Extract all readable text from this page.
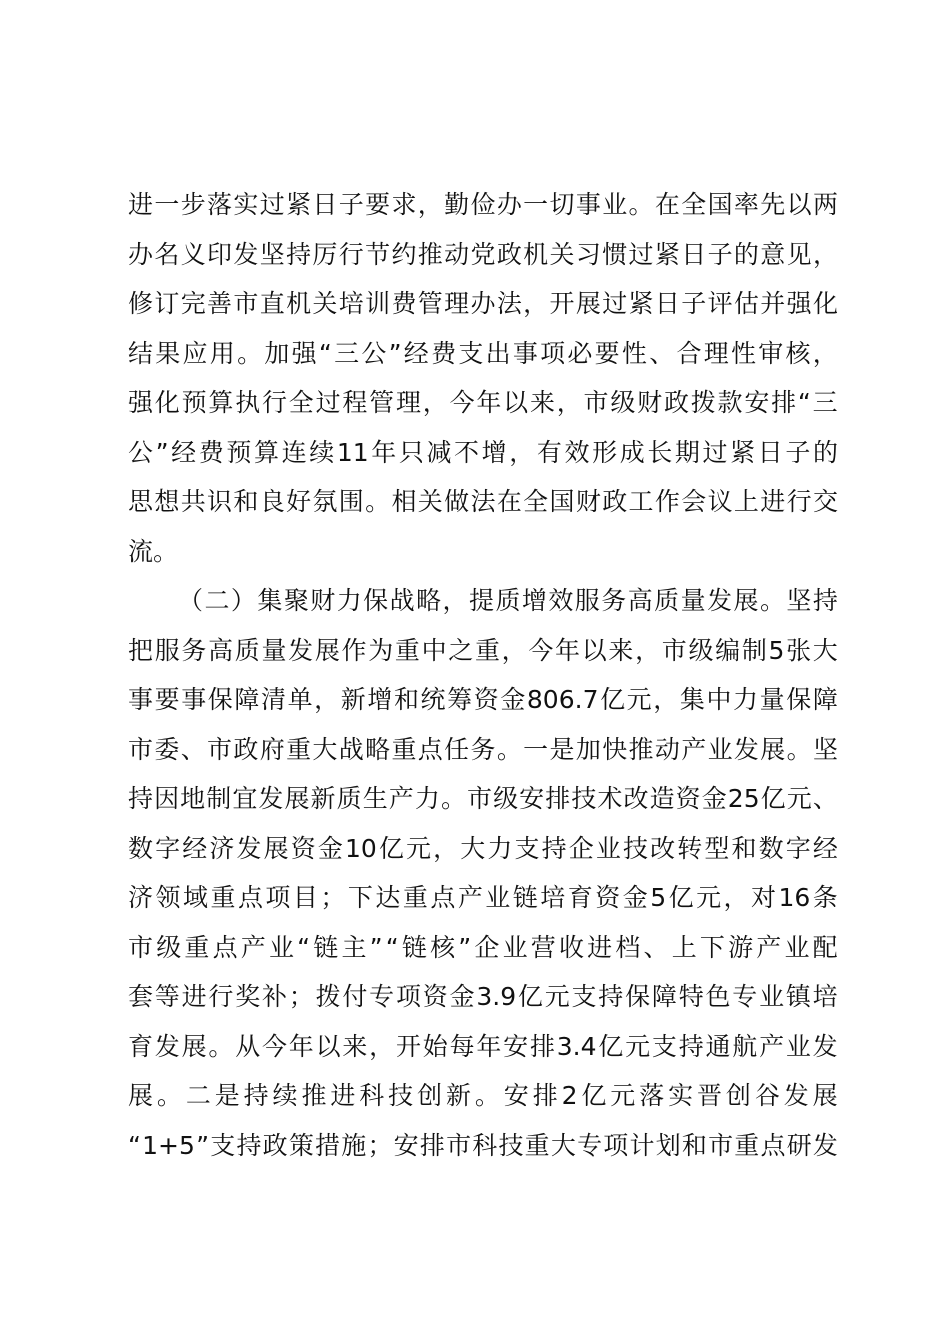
进 一 步 落 实 过 紧 日 子 要 求 ， 勤 俭 办 一 切 事 业 。 在 全 国 率 先 以 两
办 名 义 印 发 坚 持 厉 行 节 约 推 动 党 政 机 关 习 惯 过 紧 日 子 的 意 见 ，
修 订 完 善 市 直 机 关 培 训 费 管 理 办 法 ， 开 展 过 紧 日 子 评 估 并 强 化
结 果 应 用 。 加 强 “ 三 公 ” 经 费 支 出 事 项 必 要 性 、 合 理 性 审 核 ，
强 化 预 算 执 行 全 过 程 管 理 ， 今 年 以 来 ， 市 级 财 政 拨 款 安 排 “ 三
公 ” 经 费 预 算 连 续 11 年 只 减 不 增 ， 有 效 形 成 长 期 过 紧 日 子 的
思 想 共 识 和 良 好 氛 围 。 相 关 做 法 在 全 国 财 政 工 作 会 议 上 进 行 交
流 。
（ 二 ） 集 聚 财 力 保 战 略 ， 提 质 增 效 服 务 高 质 量 发 展 。 坚 持
把 服 务 高 质 量 发 展 作 为 重 中 之 重 ， 今 年 以 来 ， 市 级 编 制 5 张 大
事 要 事 保 障 清 单 ， 新 增 和 统 筹 资 金 806.7 亿 元 ， 集 中 力 量 保 障
市 委 、 市 政 府 重 大 战 略 重 点 任 务 。 一 是 加 快 推 动 产 业 发 展 。 坚
持 因 地 制 宜 发 展 新 质 生 产 力 。 市 级 安 排 技 术 改 造 资 金 25 亿 元 、
数 字 经 济 发 展 资 金 10 亿 元 ， 大 力 支 持 企 业 技 改 转 型 和 数 字 经
济 领 域 重 点 项 目 ； 下 达 重 点 产 业 链 培 育 资 金 5 亿 元 ， 对 16 条
市 级 重 点 产 业 “ 链 主 ” “ 链 核 ” 企 业 营 收 进 档 、 上 下 游 产 业 配
套 等 进 行 奖 补 ； 拨 付 专 项 资 金 3.9 亿 元 支 持 保 障 特 色 专 业 镇 培
育 发 展 。 从 今 年 以 来 ， 开 始 每 年 安 排 3.4 亿 元 支 持 通 航 产 业 发
展 。 二 是 持 续 推 进 科 技 创 新 。 安 排 2 亿 元 落 实 晋 创 谷 发 展
“ 1+5 ” 支 持 政 策 措 施 ； 安 排 市 科 技 重 大 专 项 计 划 和 市 重 点 研 发
